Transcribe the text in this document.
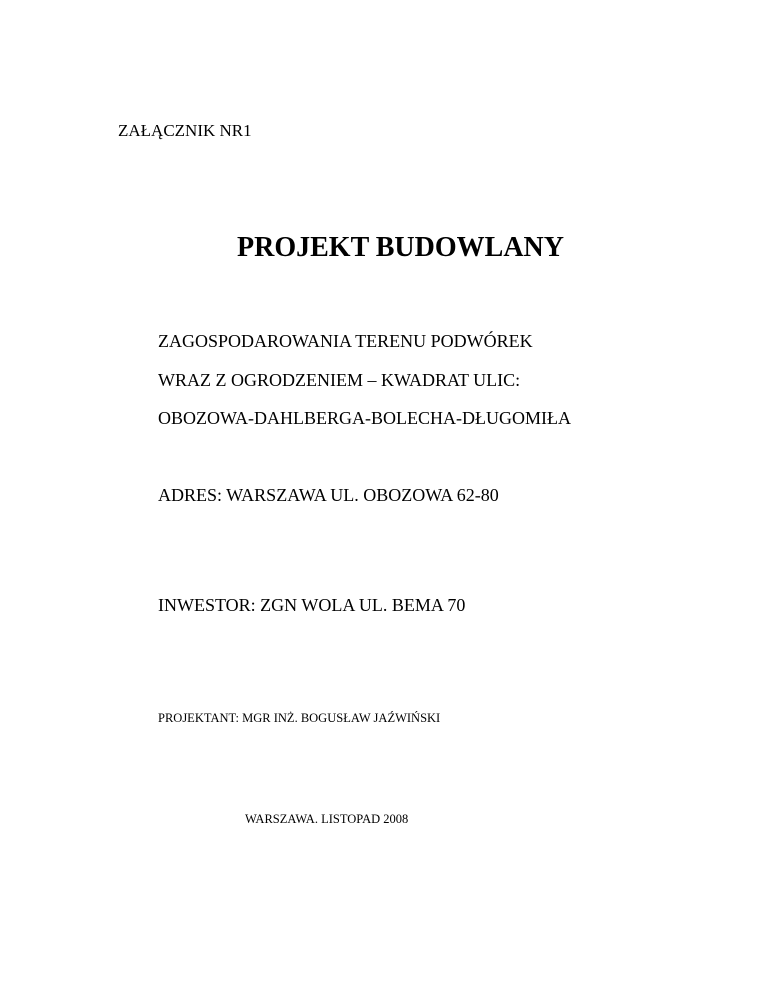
ZAŁĄCZNIK NR1
PROJEKT BUDOWLANY
ZAGOSPODAROWANIA TERENU PODWÓREK
WRAZ Z OGRODZENIEM – KWADRAT ULIC:
OBOZOWA-DAHLBERGA-BOLECHA-DŁUGOMIŁA
ADRES: WARSZAWA UL. OBOZOWA 62-80
INWESTOR: ZGN WOLA UL. BEMA 70
PROJEKTANT: MGR INŻ. BOGUSŁAW JAŹWIŃSKI
WARSZAWA. LISTOPAD 2008
